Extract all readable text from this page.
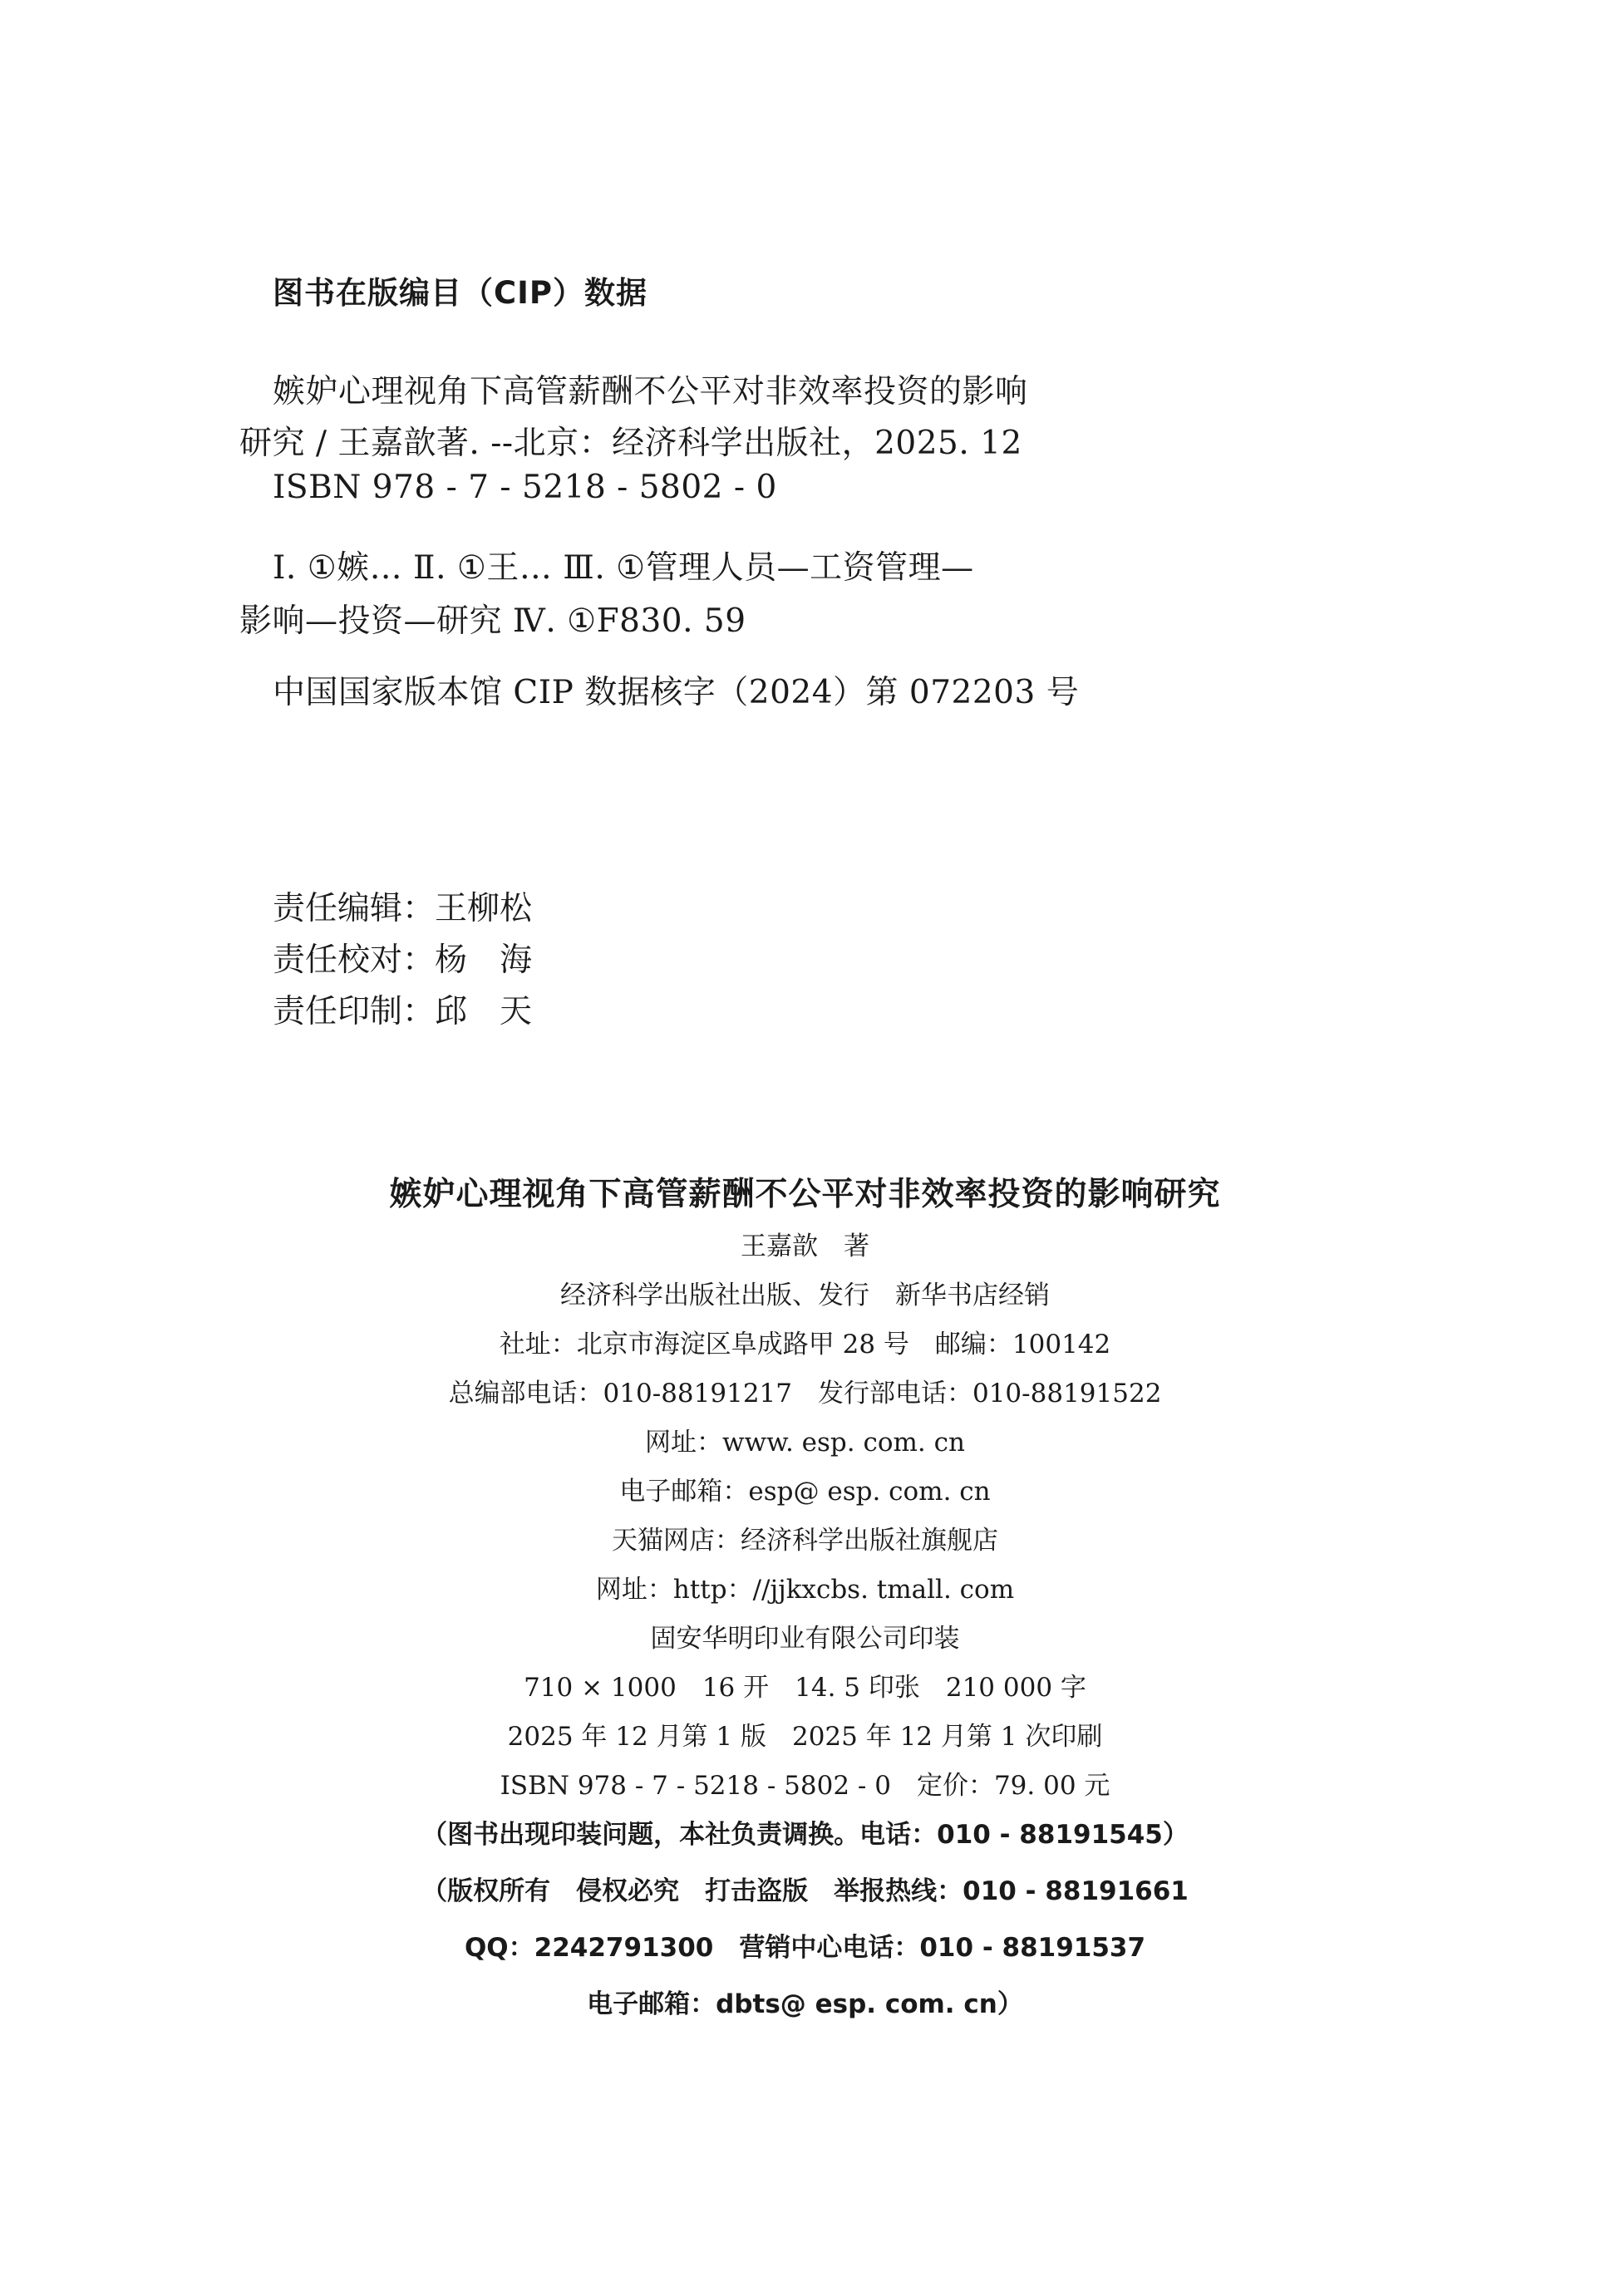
图书在版编目（CIP）数据
嫉妒心理视角下高管薪酬不公平对非效率投资的影响
研究 / 王嘉歆著. --北京：经济科学出版社，2025. 12
ISBN 978 - 7 - 5218 - 5802 - 0
Ⅰ. ①嫉… Ⅱ. ①王… Ⅲ. ①管理人员—工资管理—
影响—投资—研究 Ⅳ. ①F830. 59
中国国家版本馆 CIP 数据核字（2024）第 072203 号
责任编辑：王柳松
责任校对：杨　海
责任印制：邱　天
嫉妒心理视角下高管薪酬不公平对非效率投资的影响研究
王嘉歆　著
经济科学出版社出版、发行　新华书店经销
社址：北京市海淀区阜成路甲 28 号　邮编：100142
总编部电话：010-88191217　发行部电话：010-88191522
网址：www. esp. com. cn
电子邮箱：esp@ esp. com. cn
天猫网店：经济科学出版社旗舰店
网址：http：//jjkxcbs. tmall. com
固安华明印业有限公司印装
710 × 1000　16 开　14. 5 印张　210 000 字
2025 年 12 月第 1 版　2025 年 12 月第 1 次印刷
ISBN 978 - 7 - 5218 - 5802 - 0　定价：79. 00 元
（图书出现印装问题，本社负责调换。电话：010 - 88191545）
（版权所有　侵权必究　打击盗版　举报热线：010 - 88191661
QQ：2242791300　营销中心电话：010 - 88191537
电子邮箱：dbts@ esp. com. cn）
